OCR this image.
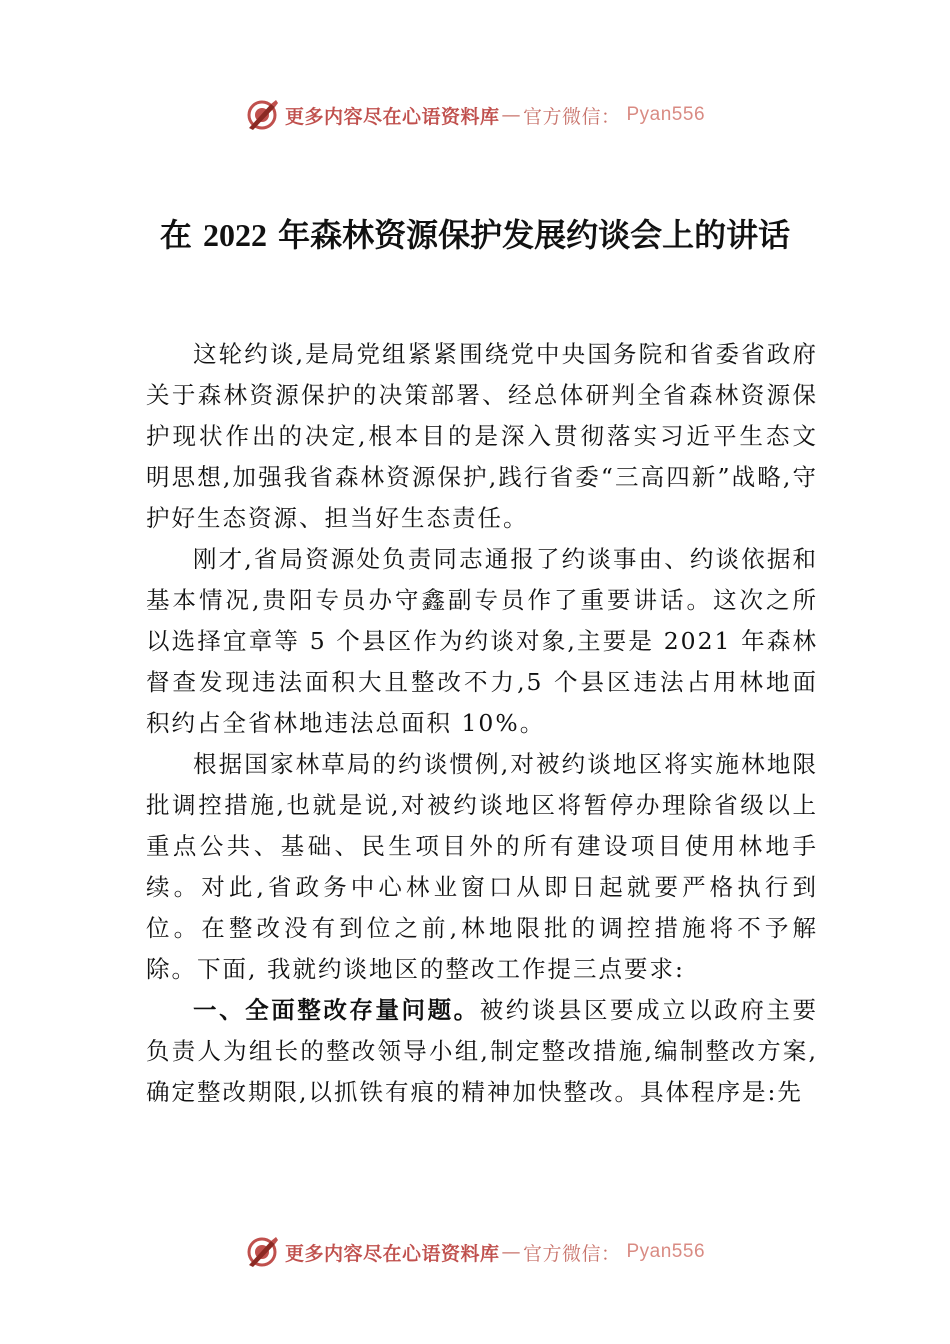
更多内容尽在心语资料库 — 官方微信： Pyan556
在 2022 年森林资源保护发展约谈会上的讲话

这轮约谈,是局党组紧紧围绕党中央国务院和省委省政府关于森林资源保护的决策部署、经总体研判全省森林资源保护现状作出的决定,根本目的是深入贯彻落实习近平生态文明思想,加强我省森林资源保护,践行省委“三高四新”战略,守护好生态资源、担当好生态责任。

刚才,省局资源处负责同志通报了约谈事由、约谈依据和基本情况,贵阳专员办守鑫副专员作了重要讲话。这次之所以选择宜章等 5 个县区作为约谈对象,主要是 2021 年森林督查发现违法面积大且整改不力,5 个县区违法占用林地面积约占全省林地违法总面积 10%。

根据国家林草局的约谈惯例,对被约谈地区将实施林地限批调控措施,也就是说,对被约谈地区将暂停办理除省级以上重点公共、基础、民生项目外的所有建设项目使用林地手续。对此,省政务中心林业窗口从即日起就要严格执行到位。在整改没有到位之前,林地限批的调控措施将不予解除。下面, 我就约谈地区的整改工作提三点要求:

一、全面整改存量问题。被约谈县区要成立以政府主要负责人为组长的整改领导小组,制定整改措施,编制整改方案,确定整改期限,以抓铁有痕的精神加快整改。具体程序是:先

更多内容尽在心语资料库 — 官方微信： Pyan556
